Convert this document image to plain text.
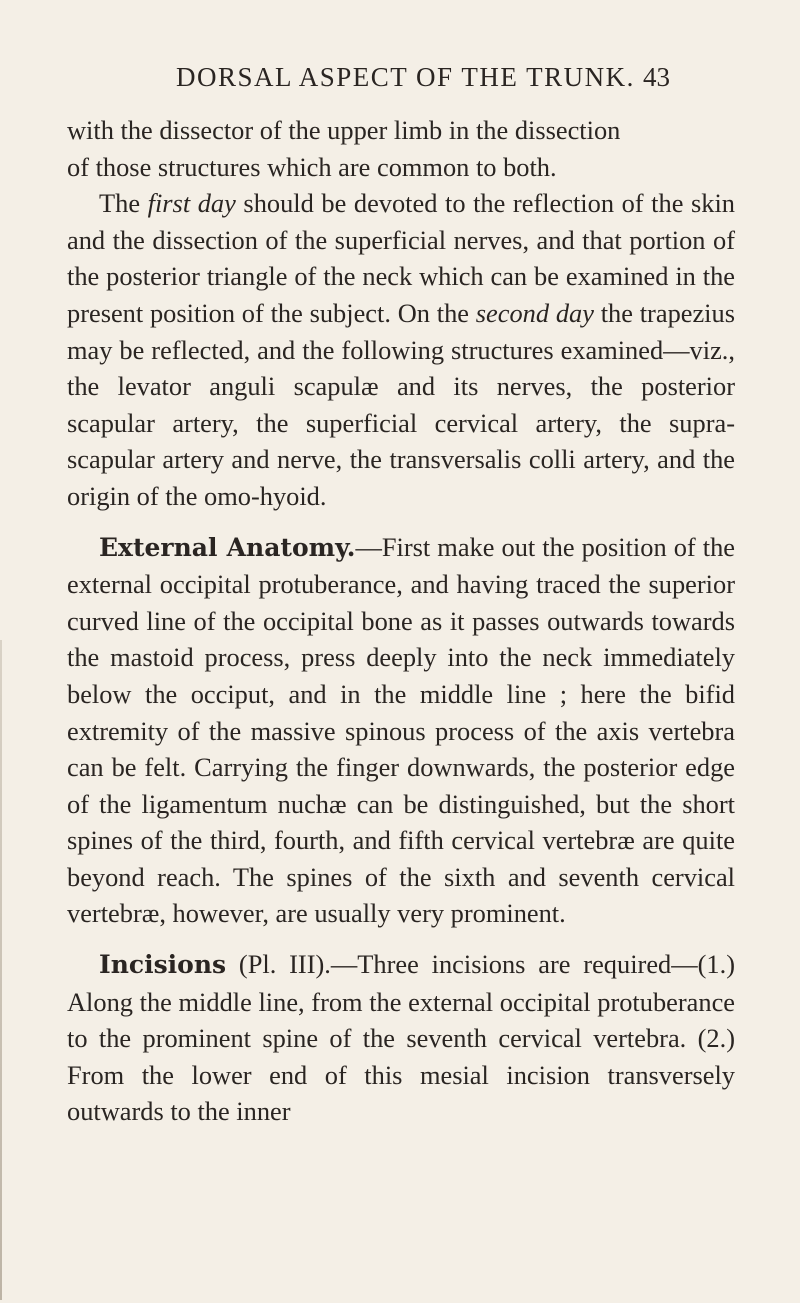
DORSAL ASPECT OF THE TRUNK. 43

with the dissector of the upper limb in the dissection
of those structures which are common to both.

The first day should be devoted to the reflection of the skin and the dissection of the superficial nerves, and that portion of the posterior triangle of the neck which can be examined in the present position of the subject. On the second day the trapezius may be reflected, and the following structures examined—viz., the levator anguli scapulæ and its nerves, the posterior scapular artery, the superficial cervical artery, the supra-scapular artery and nerve, the transversalis colli artery, and the origin of the omo-hyoid.

External Anatomy.—First make out the position of the external occipital protuberance, and having traced the superior curved line of the occipital bone as it passes outwards towards the mastoid process, press deeply into the neck immediately below the occiput, and in the middle line ; here the bifid extremity of the massive spinous process of the axis vertebra can be felt. Carrying the finger downwards, the posterior edge of the ligamentum nuchæ can be distinguished, but the short spines of the third, fourth, and fifth cervical vertebræ are quite beyond reach. The spines of the sixth and seventh cervical vertebræ, however, are usually very prominent.

Incisions (Pl. III).—Three incisions are required—(1.) Along the middle line, from the external occipital protuberance to the prominent spine of the seventh cervical vertebra. (2.) From the lower end of this mesial incision transversely outwards to the inner
